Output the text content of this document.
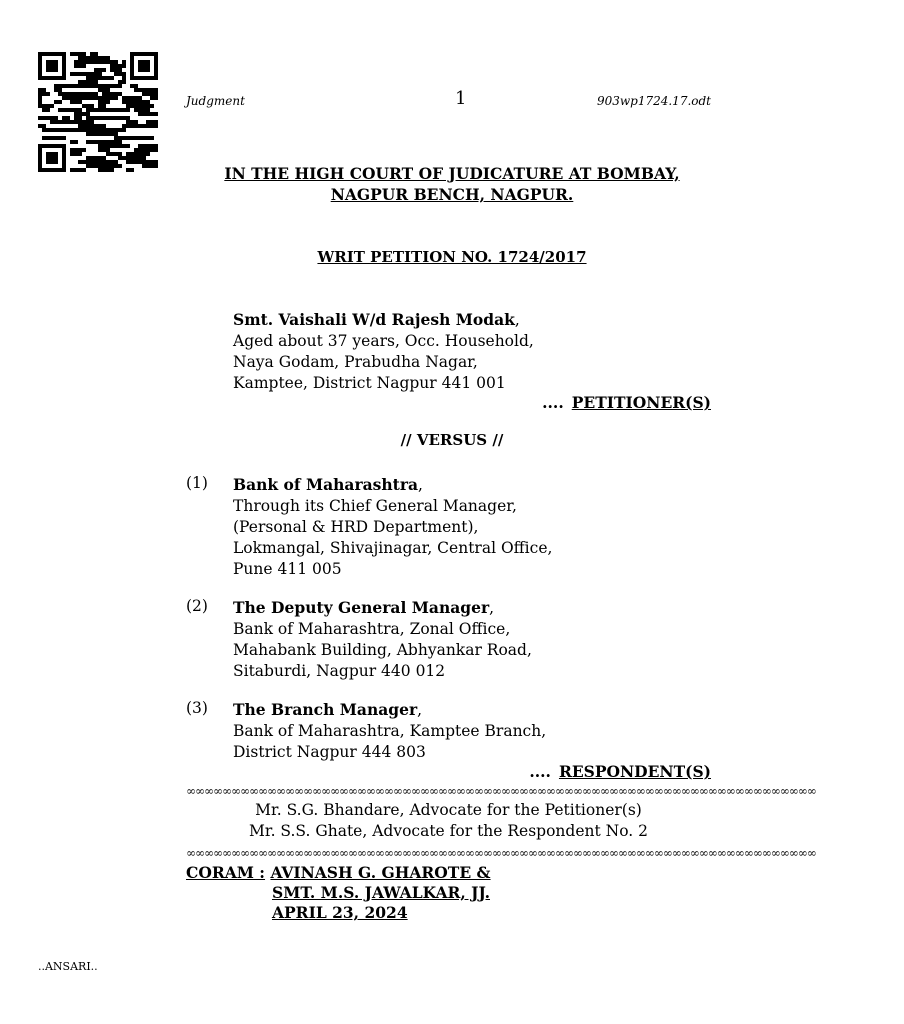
Judgment	1	903wp1724.17.odt
IN THE HIGH COURT OF JUDICATURE AT BOMBAY,
NAGPUR BENCH, NAGPUR.
WRIT PETITION NO. 1724/2017
Smt. Vaishali W/d Rajesh Modak,
Aged about 37 years, Occ. Household,
Naya Godam, Prabudha Nagar,
Kamptee, District Nagpur 441 001
.... PETITIONER(S)
// VERSUS //
(1) Bank of Maharashtra,
Through its Chief General Manager,
(Personal & HRD Department),
Lokmangal, Shivajinagar, Central Office,
Pune 411 005
(2) The Deputy General Manager,
Bank of Maharashtra, Zonal Office,
Mahabank Building, Abhyankar Road,
Sitaburdi, Nagpur 440 012
(3) The Branch Manager,
Bank of Maharashtra, Kamptee Branch,
District Nagpur 444 803
.... RESPONDENT(S)
∞∞∞∞∞∞∞∞∞∞∞∞∞∞∞∞∞∞∞∞∞∞∞∞∞∞∞∞∞∞∞∞∞∞∞∞∞∞∞∞∞∞∞∞∞∞∞∞∞∞∞∞∞∞∞∞∞∞∞∞∞∞∞∞∞∞∞∞∞∞
Mr. S.G. Bhandare, Advocate for the Petitioner(s)
Mr. S.S. Ghate, Advocate for the Respondent No. 2
∞∞∞∞∞∞∞∞∞∞∞∞∞∞∞∞∞∞∞∞∞∞∞∞∞∞∞∞∞∞∞∞∞∞∞∞∞∞∞∞∞∞∞∞∞∞∞∞∞∞∞∞∞∞∞∞∞∞∞∞∞∞∞∞∞∞∞∞∞∞
CORAM : AVINASH G. GHAROTE &
SMT. M.S. JAWALKAR, JJ.
APRIL 23, 2024
..ANSARI..
